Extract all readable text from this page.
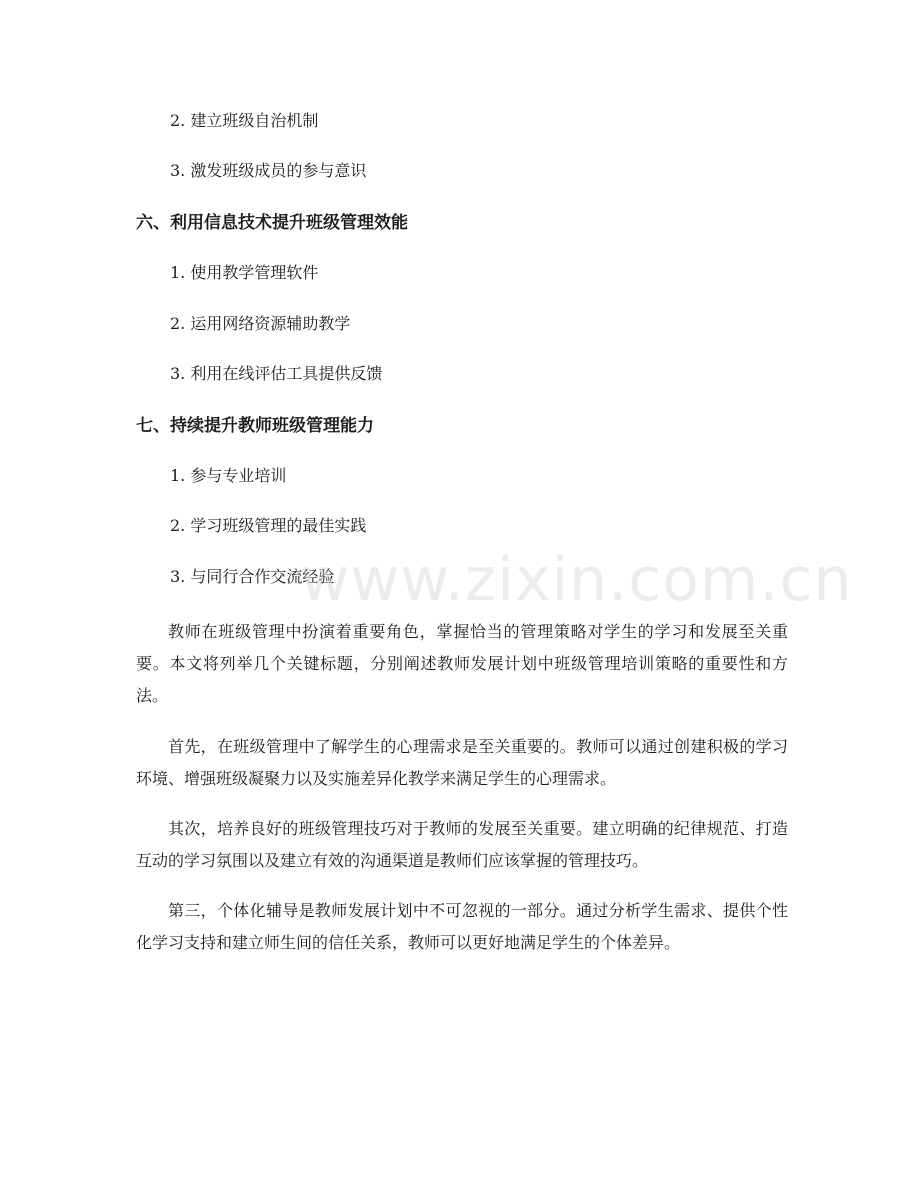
2. 建立班级自治机制
3. 激发班级成员的参与意识
六、利用信息技术提升班级管理效能
1. 使用教学管理软件
2. 运用网络资源辅助教学
3. 利用在线评估工具提供反馈
七、持续提升教师班级管理能力
1. 参与专业培训
2. 学习班级管理的最佳实践
3. 与同行合作交流经验

教师在班级管理中扮演着重要角色，掌握恰当的管理策略对学生的学习和发展至关重要。本文将列举几个关键标题，分别阐述教师发展计划中班级管理培训策略的重要性和方法。

首先，在班级管理中了解学生的心理需求是至关重要的。教师可以通过创建积极的学习环境、增强班级凝聚力以及实施差异化教学来满足学生的心理需求。

其次，培养良好的班级管理技巧对于教师的发展至关重要。建立明确的纪律规范、打造互动的学习氛围以及建立有效的沟通渠道是教师们应该掌握的管理技巧。

第三，个体化辅导是教师发展计划中不可忽视的一部分。通过分析学生需求、提供个性化学习支持和建立师生间的信任关系，教师可以更好地满足学生的个体差异。

www.zixin.com.cn
